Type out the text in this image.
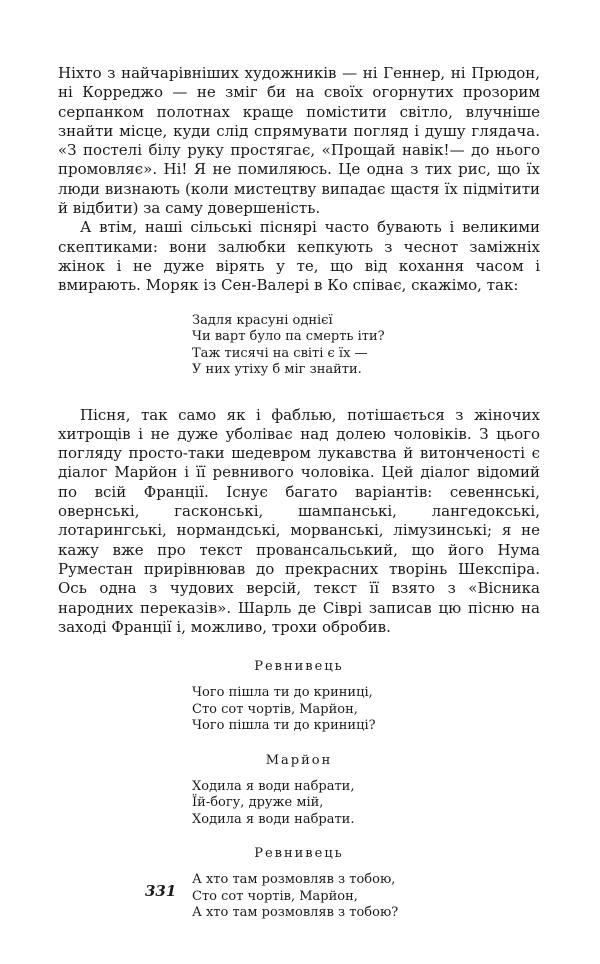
Ніхто з найчарівніших художників — ні Геннер, ні Прюдон, ні Корреджо — не зміг би на своїх огорнутих прозорим серпанком полотнах краще помістити світло, влучніше знайти місце, куди слід спрямувати погляд і душу глядача. «З постелі білу руку простягає, «Прощай навік!— до нього промовляє». Ні! Я не помиляюсь. Це одна з тих рис, що їх люди визнають (коли мистецтву випадає щастя їх підмітити й відбити) за саму довершеність.

А втім, наші сільські піснярі часто бувають і великими скептиками: вони залюбки кепкують з чеснот заміжніх жінок і не дуже вірять у те, що від кохання часом і вмирають. Моряк із Сен-Валері в Ко співає, скажімо, так:

Задля красуні однієї
Чи варт було па смерть іти?
Таж тисячі на світі є їх —
У них утіху б міг знайти.

Пісня, так само як і фаблью, потішається з жіночих хитрощів і не дуже уболіває над долею чоловіків. З цього погляду просто-таки шедевром лукавства й витонченості є діалог Марйон і її ревнивого чоловіка. Цей діалог відомий по всій Франції. Існує багато варіантів: севеннські, овернські, гасконські, шампанські, лангедокські, лотарингські, нормандські, морванські, лімузинські; я не кажу вже про текст провансальський, що його Нума Руместан прирівнював до прекрасних творінь Шекспіра. Ось одна з чудових версій, текст її взято з «Вісника народних переказів». Шарль де Сіврі записав цю пісню на заході Франції і, можливо, трохи обробив.

Ревнивець

Чого пішла ти до криниці,
Сто сот чортів, Марйон,
Чого пішла ти до криниці?

Марйон

Ходила я води набрати,
Їй-богу, друже мій,
Ходила я води набрати.

Ревнивець

А хто там розмовляв з тобою,
Сто сот чортів, Марйон,
А хто там розмовляв з тобою?
331
